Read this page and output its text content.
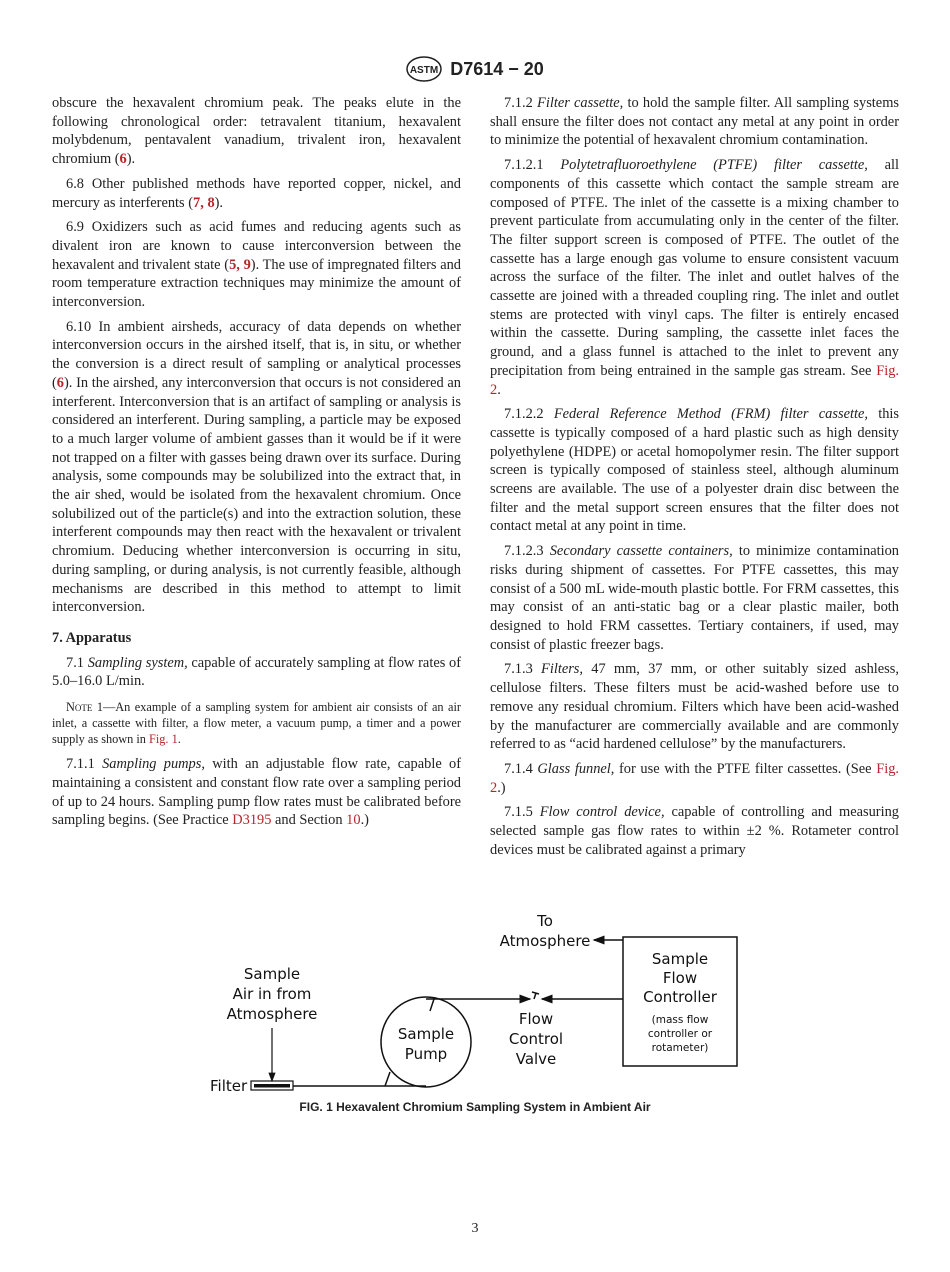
ASTM D7614 − 20

obscure the hexavalent chromium peak. The peaks elute in the following chronological order: tetravalent titanium, hexavalent molybdenum, pentavalent vanadium, trivalent iron, hexavalent chromium (6).

6.8 Other published methods have reported copper, nickel, and mercury as interferents (7, 8).

6.9 Oxidizers such as acid fumes and reducing agents such as divalent iron are known to cause interconversion between the hexavalent and trivalent state (5, 9). The use of impregnated filters and room temperature extraction techniques may minimize the amount of interconversion.

6.10 In ambient airsheds, accuracy of data depends on whether interconversion occurs in the airshed itself, that is, in situ, or whether the conversion is a direct result of sampling or analytical processes (6). In the airshed, any interconversion that occurs is not considered an interferent. Interconversion that is an artifact of sampling or analysis is considered an interferent. During sampling, a particle may be exposed to a much larger volume of ambient gasses than it would be if it were not trapped on a filter with gasses being drawn over its surface. During analysis, some compounds may be solubilized into the extract that, in the air shed, would be isolated from the hexavalent chromium. Once solubilized out of the particle(s) and into the extraction solution, these interferent compounds may then react with the hexavalent or trivalent chromium. Deducing whether interconversion is occurring in situ, during sampling, or during analysis, is not currently feasible, although mechanisms are described in this method to attempt to limit interconversion.

7. Apparatus

7.1 Sampling system, capable of accurately sampling at flow rates of 5.0–16.0 L/min.

Note 1—An example of a sampling system for ambient air consists of an air inlet, a cassette with filter, a flow meter, a vacuum pump, a timer and a power supply as shown in Fig. 1.

7.1.1 Sampling pumps, with an adjustable flow rate, capable of maintaining a consistent and constant flow rate over a sampling period of up to 24 hours. Sampling pump flow rates must be calibrated before sampling begins. (See Practice D3195 and Section 10.)

7.1.2 Filter cassette, to hold the sample filter. All sampling systems shall ensure the filter does not contact any metal at any point in order to minimize the potential of hexavalent chromium contamination.

7.1.2.1 Polytetrafluoroethylene (PTFE) filter cassette, all components of this cassette which contact the sample stream are composed of PTFE. The inlet of the cassette is a mixing chamber to prevent particulate from accumulating only in the center of the filter. The filter support screen is composed of PTFE. The outlet of the cassette has a large enough gas volume to ensure consistent vacuum across the surface of the filter. The inlet and outlet halves of the cassette are joined with a threaded coupling ring. The inlet and outlet stems are protected with vinyl caps. The filter is entirely encased within the cassette. During sampling, the cassette inlet faces the ground, and a glass funnel is attached to the inlet to prevent any precipitation from being entrained in the sample gas stream. See Fig. 2.

7.1.2.2 Federal Reference Method (FRM) filter cassette, this cassette is typically composed of a hard plastic such as high density polyethylene (HDPE) or acetal homopolymer resin. The filter support screen is typically composed of stainless steel, although aluminum screens are available. The use of a polyester drain disc between the filter and the metal support screen ensures that the filter does not contact metal at any point in time.

7.1.2.3 Secondary cassette containers, to minimize contamination risks during shipment of cassettes. For PTFE cassettes, this may consist of a 500 mL wide-mouth plastic bottle. For FRM cassettes, this may consist of an anti-static bag or a clear plastic mailer, both designed to hold FRM cassettes. Tertiary containers, if used, may consist of plastic freezer bags.

7.1.3 Filters, 47 mm, 37 mm, or other suitably sized ashless, cellulose filters. These filters must be acid-washed before use to remove any residual chromium. Filters which have been acid-washed by the manufacturer are commercially available and are commonly referred to as “acid hardened cellulose” by the manufacturers.

7.1.4 Glass funnel, for use with the PTFE filter cassettes. (See Fig. 2.)

7.1.5 Flow control device, capable of controlling and measuring selected sample gas flow rates to within ±2 %. Rotameter control devices must be calibrated against a primary

To
Atmosphere
Sample
Flow
Controller
(mass flow
controller or
rotameter)
Flow
Control
Valve
Sample
Pump
Sample
Air in from
Atmosphere
Filter
FIG. 1 Hexavalent Chromium Sampling System in Ambient Air
3
